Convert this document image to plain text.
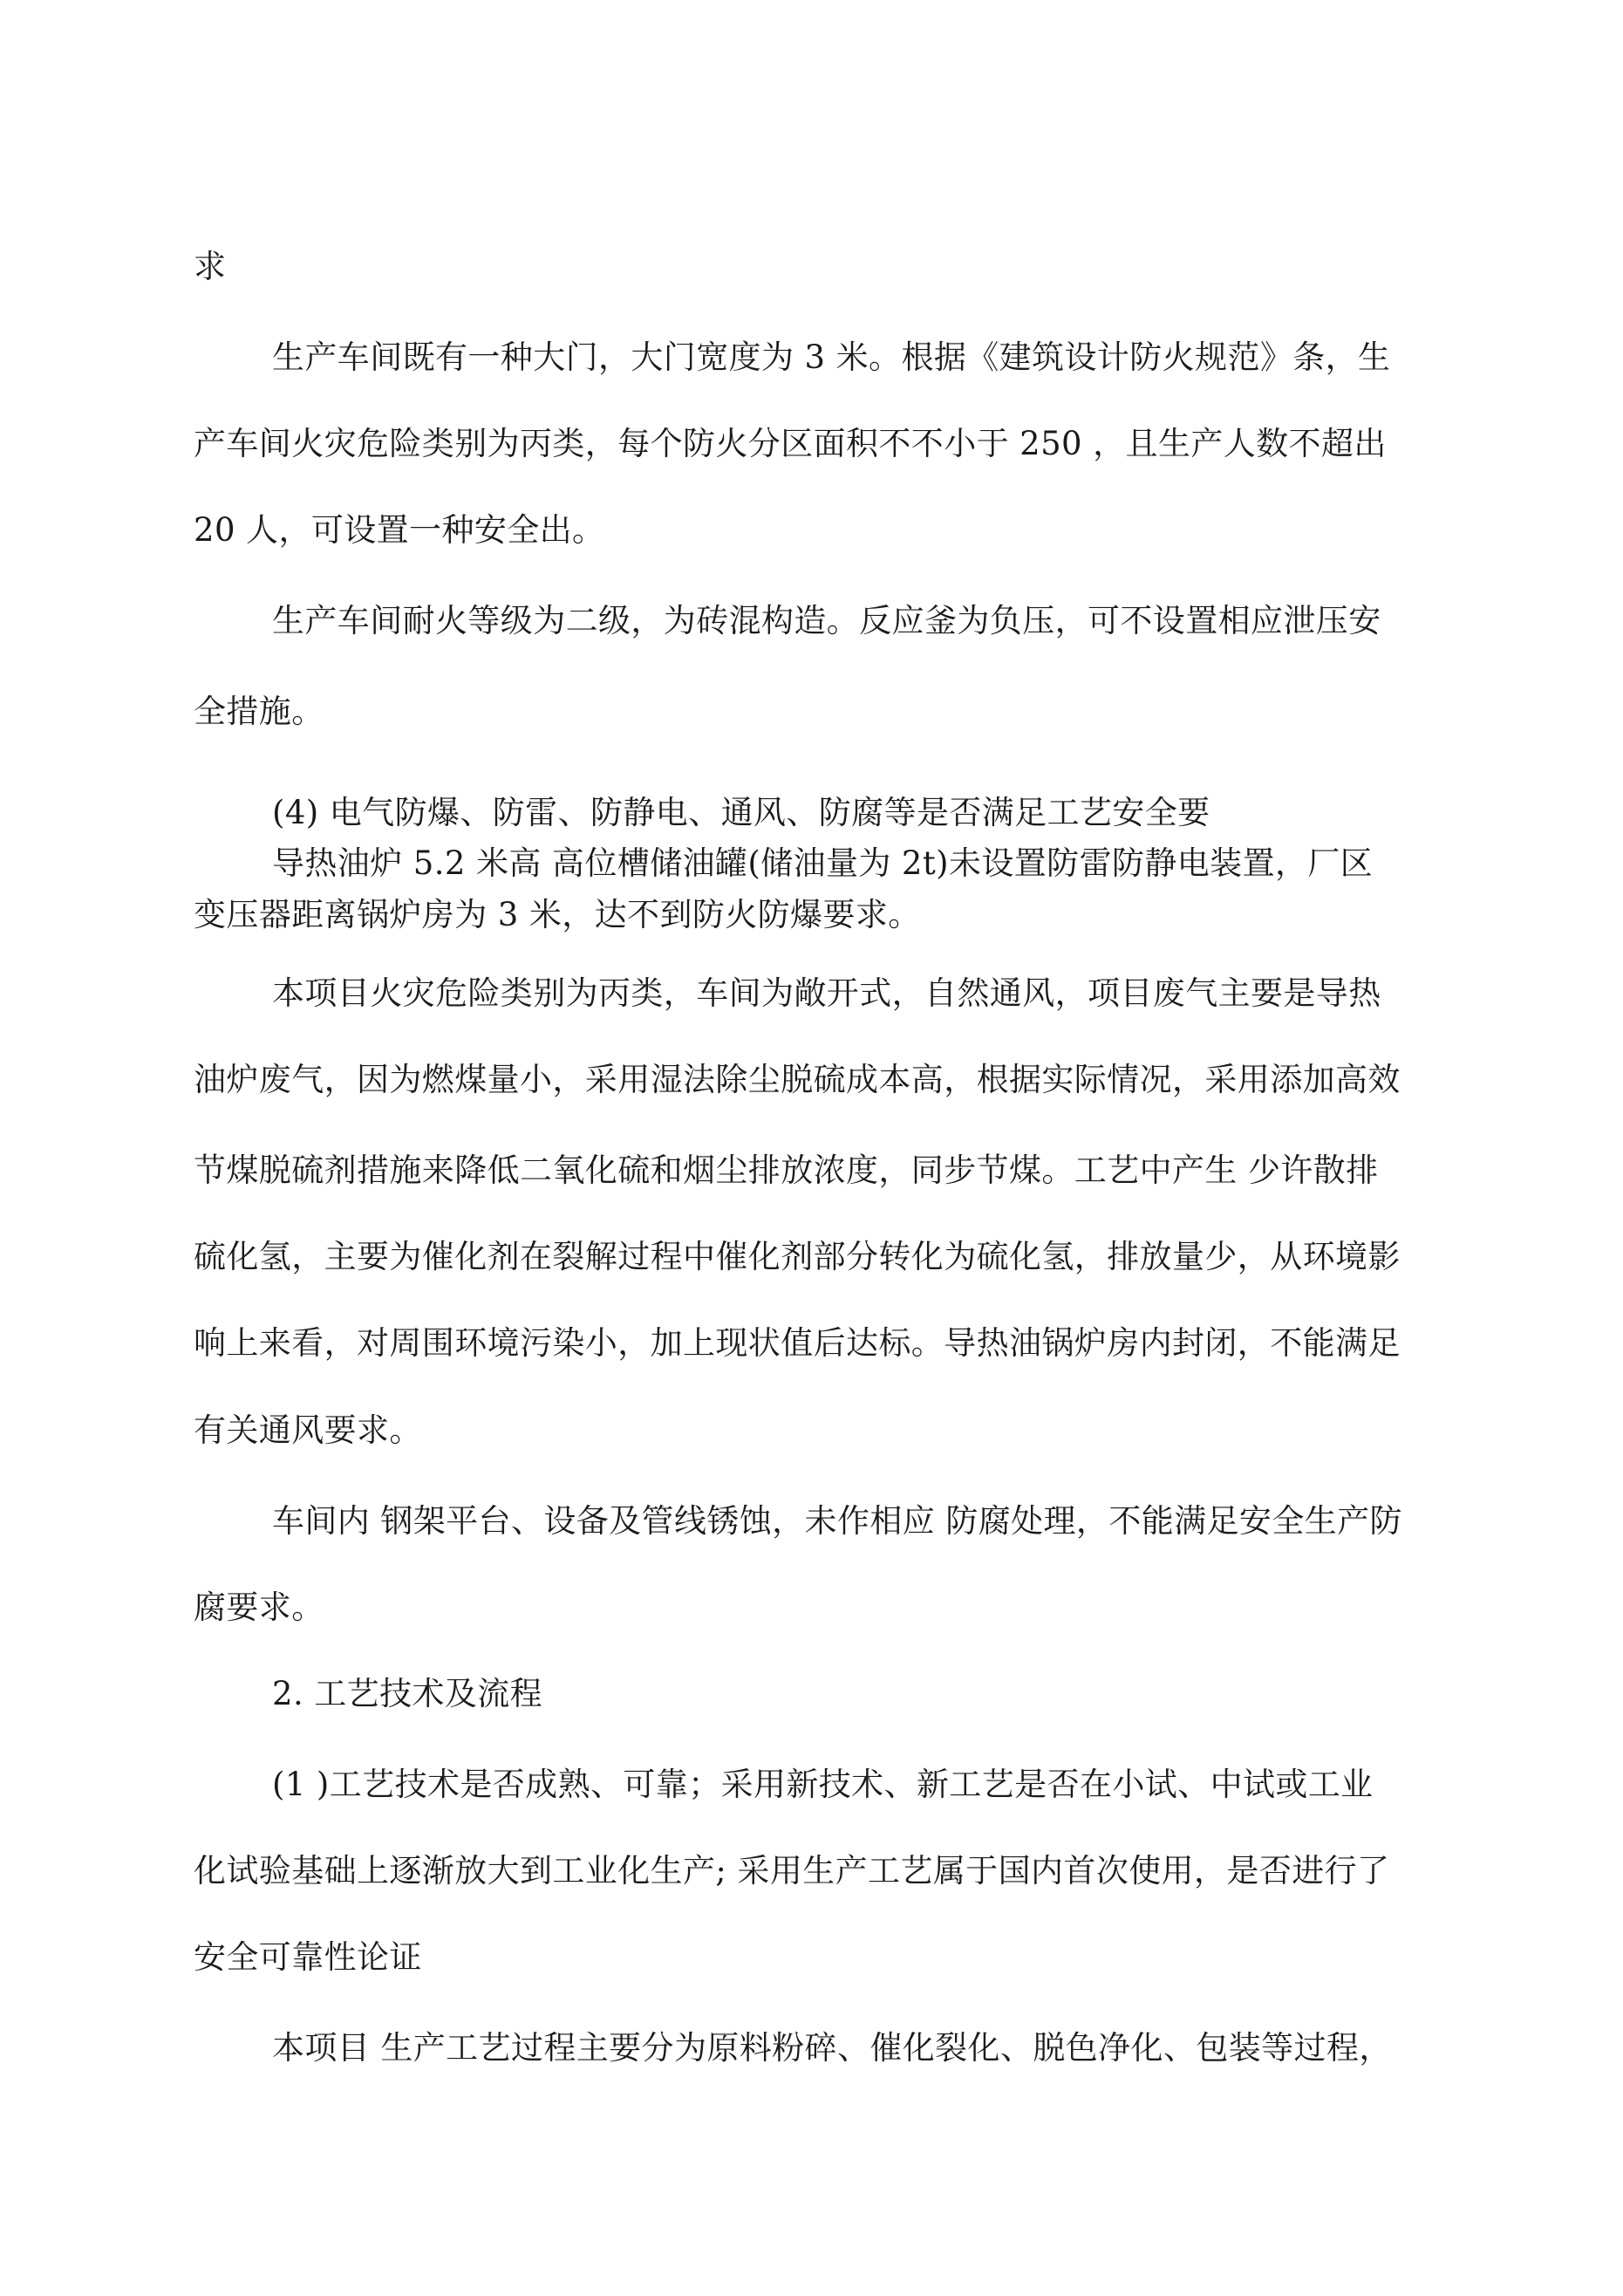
求
生产车间既有一种大门，大门宽度为 3 米。根据《建筑设计防火规范》条，生
产车间火灾危险类别为丙类，每个防火分区面积不不小于 250 ，且生产人数不超出
20 人，可设置一种安全出。
生产车间耐火等级为二级，为砖混构造。反应釜为负压，可不设置相应泄压安
全措施。
(4) 电气防爆、防雷、防静电、通风、防腐等是否满足工艺安全要
导热油炉 5.2 米高 高位槽储油罐(储油量为 2t)未设置防雷防静电装置，厂区
变压器距离锅炉房为 3 米，达不到防火防爆要求。
本项目火灾危险类别为丙类，车间为敞开式，自然通风，项目废气主要是导热
油炉废气，因为燃煤量小，采用湿法除尘脱硫成本高，根据实际情况，采用添加高效
节煤脱硫剂措施来降低二氧化硫和烟尘排放浓度，同步节煤。工艺中产生 少许散排
硫化氢，主要为催化剂在裂解过程中催化剂部分转化为硫化氢，排放量少，从环境影
响上来看，对周围环境污染小，加上现状值后达标。导热油锅炉房内封闭，不能满足
有关通风要求。
车间内 钢架平台、设备及管线锈蚀，未作相应 防腐处理，不能满足安全生产防
腐要求。
2. 工艺技术及流程
(1 )工艺技术是否成熟、可靠；采用新技术、新工艺是否在小试、中试或工业
化试验基础上逐渐放大到工业化生产; 采用生产工艺属于国内首次使用，是否进行了
安全可靠性论证
本项目 生产工艺过程主要分为原料粉碎、催化裂化、脱色净化、包装等过程，
